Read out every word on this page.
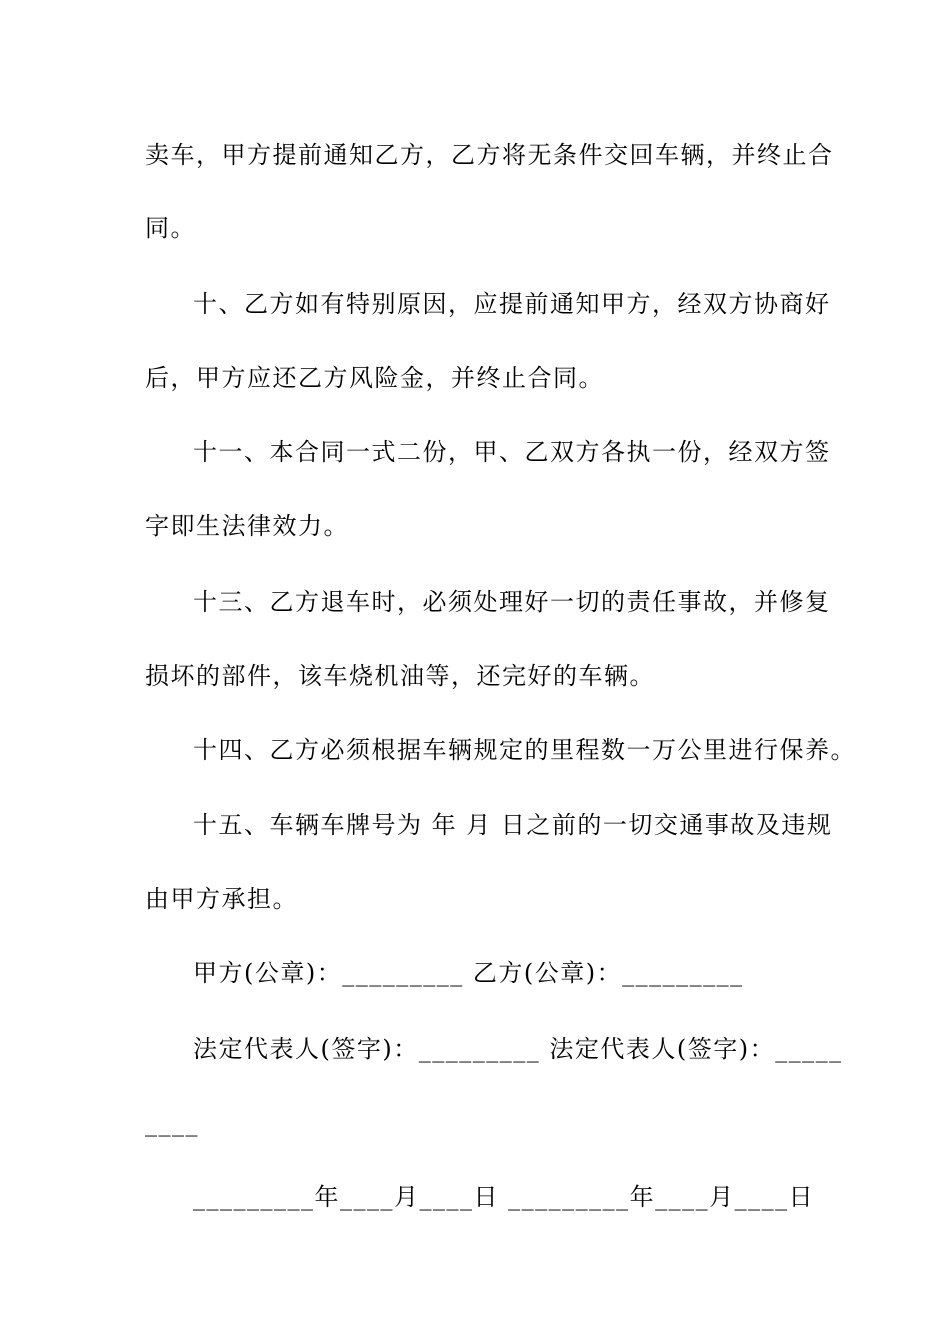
卖车，甲方提前通知乙方，乙方将无条件交回车辆，并终止合
同。
十、乙方如有特别原因，应提前通知甲方，经双方协商好
后，甲方应还乙方风险金，并终止合同。
十一、本合同一式二份，甲、乙双方各执一份，经双方签
字即生法律效力。
十三、乙方退车时，必须处理好一切的责任事故，并修复
损坏的部件，该车烧机油等，还完好的车辆。
十四、乙方必须根据车辆规定的里程数一万公里进行保养。
十五、车辆车牌号为 年 月 日之前的一切交通事故及违规
由甲方承担。
甲方(公章)：_________ 乙方(公章)：_________
法定代表人(签字)：_________ 法定代表人(签字)：_____
____
_________年____月____日 _________年____月____日
